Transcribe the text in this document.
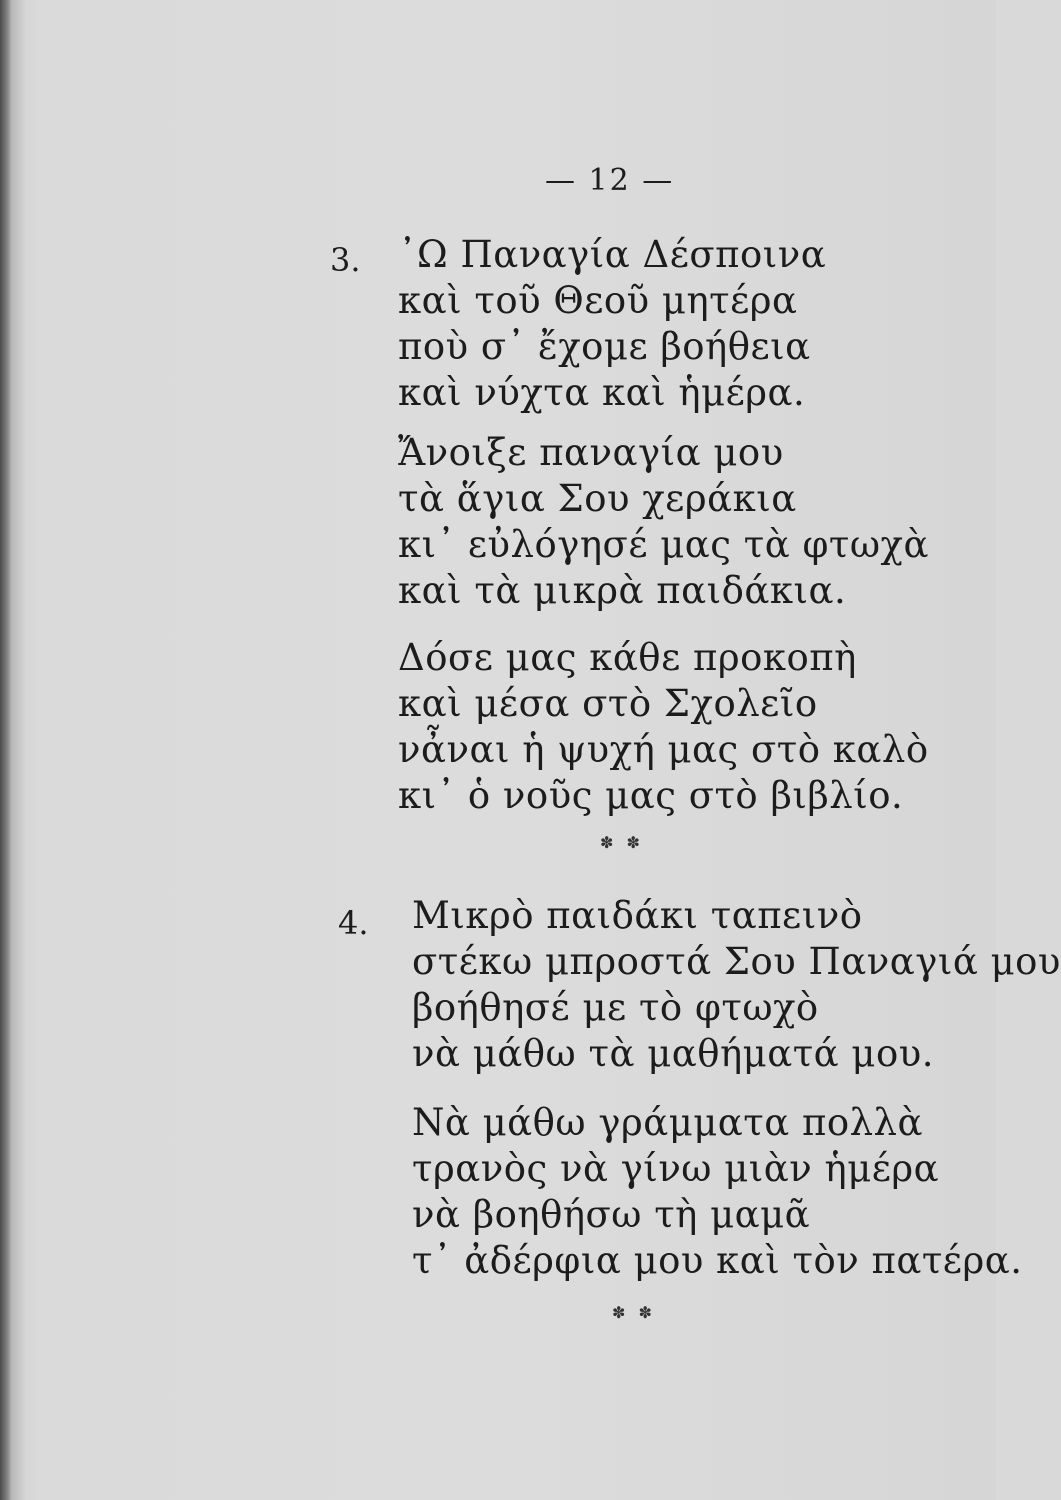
— 12 —
3. ᾿Ω Παναγία Δέσποινα
καὶ τοῦ Θεοῦ μητέρα
ποὺ σ᾿ ἔχομε βοήθεια
καὶ νύχτα καὶ ἡμέρα.

Ἄνοιξε παναγία μου
τὰ ἅγια Σου χεράκια
κι᾿ εὐλόγησέ μας τὰ φτωχὰ
καὶ τὰ μικρὰ παιδάκια.

Δόσε μας κάθε προκοπὴ
καὶ μέσα στὸ Σχολεῖο
νἆναι ἡ ψυχή μας στὸ καλὸ
κι᾿ ὁ νοῦς μας στὸ βιβλίο.

✽ ✽
4. Μικρὸ παιδάκι ταπεινὸ
στέκω μπροστά Σου Παναγιά μου
βοήθησέ με τὸ φτωχὸ
νὰ μάθω τὰ μαθήματά μου.

Νὰ μάθω γράμματα πολλὰ
τρανὸς νὰ γίνω μιὰν ἡμέρα
νὰ βοηθήσω τὴ μαμᾶ
τ᾿ ἀδέρφια μου καὶ τὸν πατέρα.

✽ ✽
